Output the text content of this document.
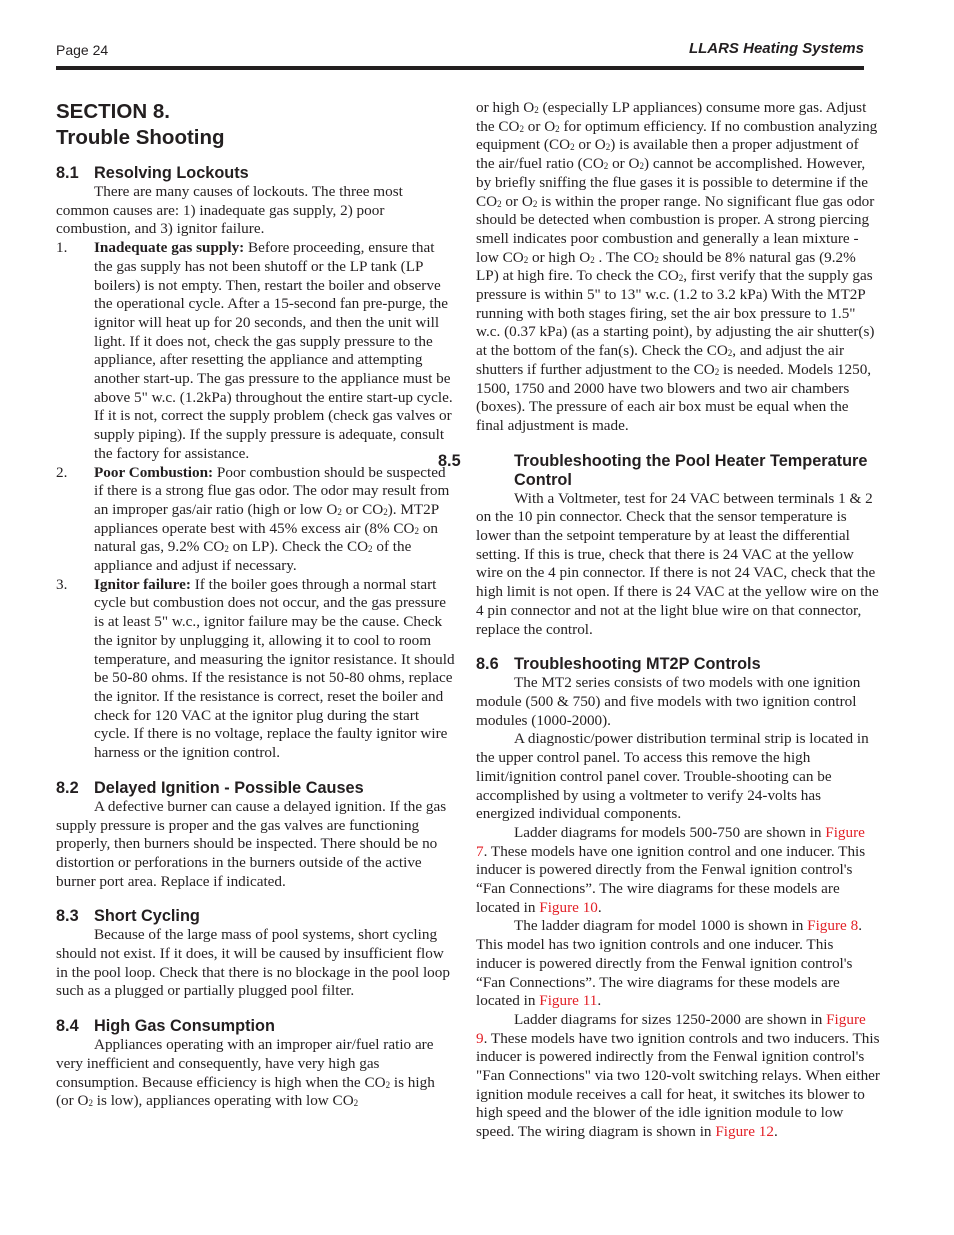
Page 24	LLARS Heating Systems
SECTION 8.
Trouble Shooting
8.1 Resolving Lockouts

There are many causes of lockouts. The three most common causes are: 1) inadequate gas supply, 2) poor combustion, and 3) ignitor failure.

1.	Inadequate gas supply: Before proceeding, ensure that the gas supply has not been shutoff or the LP tank (LP boilers) is not empty. Then, restart the boiler and observe the operational cycle. After a 15-second fan pre-purge, the ignitor will heat up for 20 seconds, and then the unit will light. If it does not, check the gas supply pressure to the appliance, after resetting the appliance and attempting another start-up. The gas pressure to the appliance must be above 5" w.c. (1.2kPa) throughout the entire start-up cycle. If it is not, correct the supply problem (check gas valves or supply piping). If the supply pressure is adequate, consult the factory for assistance.
2.	Poor Combustion: Poor combustion should be suspected if there is a strong flue gas odor. The odor may result from an improper gas/air ratio (high or low $O_2$ or $CO_2$). MT2P appliances operate best with 45% excess air (8% $CO_2$ on natural gas, 9.2% $CO_2$ on LP). Check the $CO_2$ of the appliance and adjust if necessary.
3.	Ignitor failure: If the boiler goes through a normal start cycle but combustion does not occur, and the gas pressure is at least 5" w.c., ignitor failure may be the cause. Check the ignitor by unplugging it, allowing it to cool to room temperature, and measuring the ignitor resistance. It should be 50-80 ohms. If the resistance is not 50-80 ohms, replace the ignitor. If the resistance is correct, reset the boiler and check for 120 VAC at the ignitor plug during the start cycle. If there is no voltage, replace the faulty ignitor wire harness or the ignition control.
8.2 Delayed Ignition - Possible Causes

A defective burner can cause a delayed ignition. If the gas supply pressure is proper and the gas valves are functioning properly, then burners should be inspected. There should be no distortion or perforations in the burners outside of the active burner port area. Replace if indicated.

8.3 Short Cycling

Because of the large mass of pool systems, short cycling should not exist. If it does, it will be caused by insufficient flow in the pool loop. Check that there is no blockage in the pool loop such as a plugged or partially plugged pool filter.

8.4 High Gas Consumption

Appliances operating with an improper air/fuel ratio are very inefficient and consequently, have very high gas consumption. Because efficiency is high when the $CO_2$ is high (or $O_2$ is low), appliances operating with low $CO_2$

or high $O_2$ (especially LP appliances) consume more gas. Adjust the $CO_2$ or $O_2$ for optimum efficiency. If no combustion analyzing equipment ($CO_2$ or $O_2$) is available then a proper adjustment of the air/fuel ratio ($CO_2$ or $O_2$) cannot be accomplished. However, by briefly sniffing the flue gases it is possible to determine if the $CO_2$ or $O_2$ is within the proper range. No significant flue gas odor should be detected when combustion is proper. A strong piercing smell indicates poor combustion and generally a lean mixture - low $CO_2$ or high $O_2$ . The $CO_2$ should be 8% natural gas (9.2% LP) at high fire. To check the $CO_2$, first verify that the supply gas pressure is within 5" to 13" w.c. (1.2 to 3.2 kPa) With the MT2P running with both stages firing, set the air box pressure to 1.5" w.c. (0.37 kPa) (as a starting point), by adjusting the air shutter(s) at the bottom of the fan(s). Check the $CO_2$, and adjust the air shutters if further adjustment to the $CO_2$ is needed. Models 1250, 1500, 1750 and 2000 have two blowers and two air chambers (boxes). The pressure of each air box must be equal when the final adjustment is made.

8.5	Troubleshooting the Pool Heater Temperature Control

With a Voltmeter, test for 24 VAC between terminals 1 & 2 on the 10 pin connector. Check that the sensor temperature is lower than the setpoint temperature by at least the differential setting. If this is true, check that there is 24 VAC at the yellow wire on the 4 pin connector. If there is not 24 VAC, check that the high limit is not open. If there is 24 VAC at the yellow wire on the 4 pin connector and not at the light blue wire on that connector, replace the control.

8.6 Troubleshooting MT2P Controls

The MT2 series consists of two models with one ignition module (500 & 750) and five models with two ignition control modules (1000-2000).

A diagnostic/power distribution terminal strip is located in the upper control panel. To access this remove the high limit/ignition control panel cover. Trouble-shooting can be accomplished by using a voltmeter to verify 24-volts has energized individual components.

Ladder diagrams for models 500-750 are shown in Figure 7. These models have one ignition control and one inducer. This inducer is powered directly from the Fenwal ignition control's “Fan Connections”. The wire diagrams for these models are located in Figure 10.

The ladder diagram for model 1000 is shown in Figure 8. This model has two ignition controls and one inducer. This inducer is powered directly from the Fenwal ignition control's “Fan Connections”. The wire diagrams for these models are located in Figure 11.

Ladder diagrams for sizes 1250-2000 are shown in Figure 9. These models have two ignition controls and two inducers. This inducer is powered indirectly from the Fenwal ignition control's "Fan Connections" via two 120-volt switching relays. When either ignition module receives a call for heat, it switches its blower to high speed and the blower of the idle ignition module to low speed. The wiring diagram is shown in Figure 12.
